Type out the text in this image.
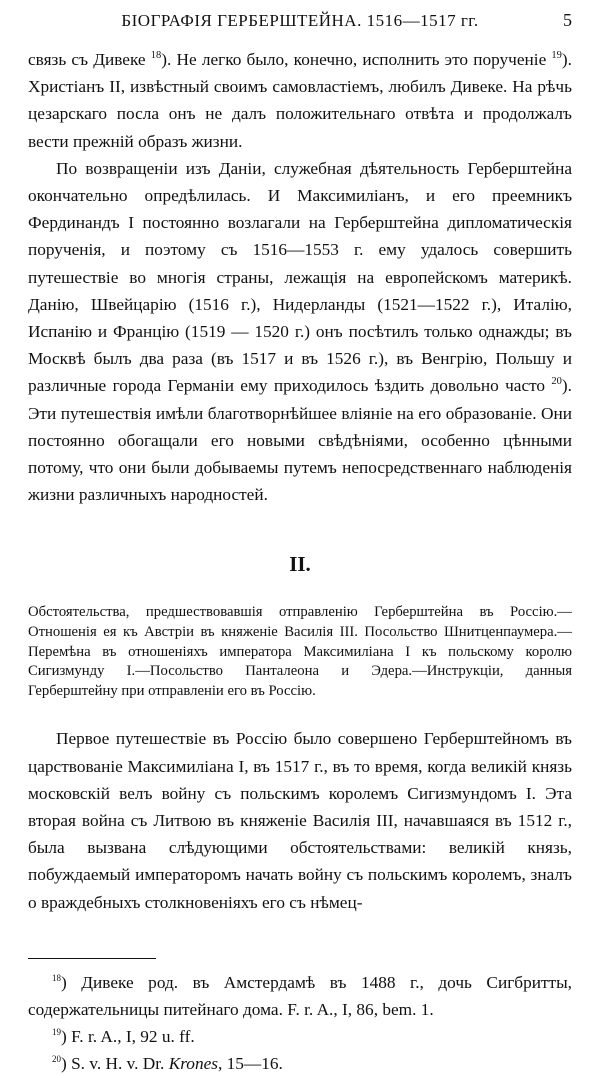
БІОГРАФІЯ ГЕРБЕРШТЕЙНА. 1516—1517 гг.	5

связь съ Дивеке $^{18}$). Не легко было, конечно, исполнить это порученіе $^{19}$). Христіанъ II, извѣстный своимъ самовластіемъ, любилъ Дивеке. На рѣчь цезарскаго посла онъ не далъ положительнаго отвѣта и продолжалъ вести прежній образъ жизни.

По возвращеніи изъ Даніи, служебная дѣятельность Герберштейна окончательно опредѣлилась. И Максимиліанъ, и его преемникъ Фердинандъ I постоянно возлагали на Герберштейна дипломатическія порученія, и поэтому съ 1516—1553 г. ему удалось совершить путешествіе во многія страны, лежащія на европейскомъ материкѣ. Данію, Швейцарію (1516 г.), Нидерланды (1521—1522 г.), Италію, Испанію и Францію (1519 — 1520 г.) онъ посѣтилъ только однажды; въ Москвѣ былъ два раза (въ 1517 и въ 1526 г.), въ Венгрію, Польшу и различные города Германіи ему приходилось ѣздить довольно часто $^{20}$). Эти путешествія имѣли благотворнѣйшее вліяніе на его образованіе. Они постоянно обогащали его новыми свѣдѣніями, особенно цѣнными потому, что они были добываемы путемъ непосредственнаго наблюденія жизни различныхъ народностей.

II.
Обстоятельства, предшествовавшія отправленію Герберштейна въ Россію.—Отношенія ея къ Австріи въ княженіе Василія III. Посольство Шнитценпаумера.—Перемѣна въ отношеніяхъ императора Максимиліана I къ польскому королю Сигизмунду I.—Посольство Панталеона и Эдера.—Инструкціи, данныя Герберштейну при отправленіи его въ Россію.

Первое путешествіе въ Россію было совершено Герберштейномъ въ царствованіе Максимиліана I, въ 1517 г., въ то время, когда великій князь московскій велъ войну съ польскимъ королемъ Сигизмундомъ I. Эта вторая война съ Литвою въ княженіе Василія III, начавшаяся въ 1512 г., была вызвана слѣдующими обстоятельствами: великій князь, побуждаемый императоромъ начать войну съ польскимъ королемъ, зналъ о враждебныхъ столкновеніяхъ его съ нѣмец-

$^{18}$) Дивеке род. въ Амстердамѣ въ 1488 г., дочь Сигбритты, содержательницы питейнаго дома. F. r. A., I, 86, bem. 1.

$^{19}$) F. r. A., I, 92 u. ff.

$^{20}$) S. v. H. v. Dr. Krones, 15—16.
